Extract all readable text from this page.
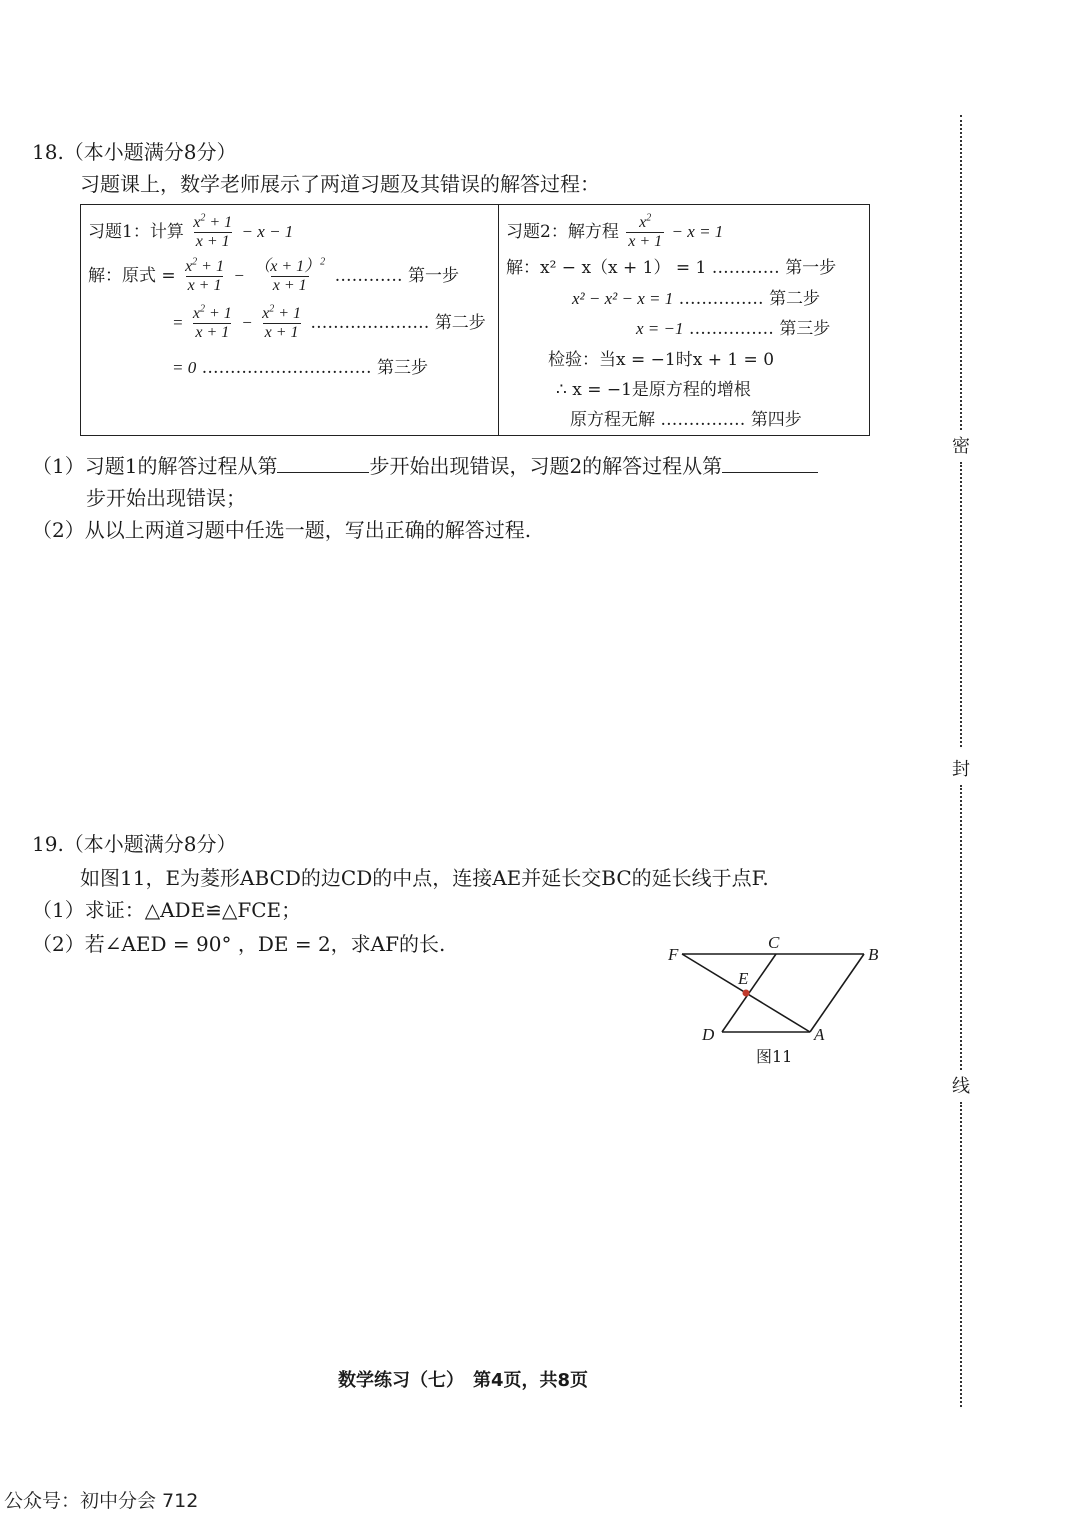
密
封
线
18.（本小题满分8分）
习题课上，数学老师展示了两道习题及其错误的解答过程：
习题1：计算 $\frac{x^2 + 1}{x + 1} - x - 1$
解：原式 = $\frac{x^2 + 1}{x + 1} - \frac{(x + 1)^2}{x + 1}$ ………… 第一步
= $\frac{x^2 + 1}{x + 1} - \frac{x^2 + 1}{x + 1}$ ………………… 第二步
= 0 ………………………… 第三步
习题2：解方程 $\frac{x^2}{x + 1} - x = 1$
解：x² − x（x + 1） = 1 ………… 第一步
x² − x² − x = 1 …………… 第二步
x = −1 …………… 第三步
检验：当x = −1时x + 1 = 0
∴ x = −1是原方程的增根
原方程无解 …………… 第四步
（1）习题1的解答过程从第	步开始出现错误，习题2的解答过程从第
步开始出现错误；
（2）从以上两道习题中任选一题，写出正确的解答过程.
19.（本小题满分8分）
如图11，E为菱形ABCD的边CD的中点，连接AE并延长交BC的延长线于点F.
（1）求证：△ADE≌△FCE；
（2）若∠AED = 90° ，DE = 2，求AF的长.	F
C
B
E
D	A
图11
数学练习（七）　第4页，共8页
公众号：初中分会 712
